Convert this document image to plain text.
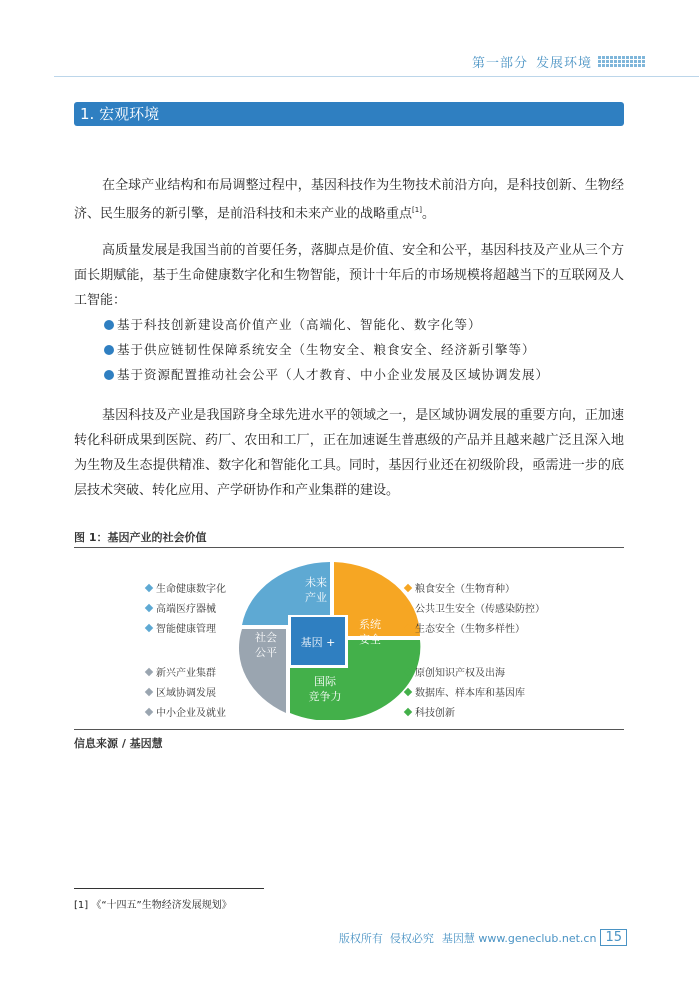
第一部分 发展环境
1. 宏观环境
在全球产业结构和布局调整过程中，基因科技作为生物技术前沿方向，是科技创新、生物经济、民生服务的新引擎，是前沿科技和未来产业的战略重点[1]。
高质量发展是我国当前的首要任务，落脚点是价值、安全和公平，基因科技及产业从三个方面长期赋能，基于生命健康数字化和生物智能，预计十年后的市场规模将超越当下的互联网及人工智能：
基于科技创新建设高价值产业（高端化、智能化、数字化等）
基于供应链韧性保障系统安全（生物安全、粮食安全、经济新引擎等）
基于资源配置推动社会公平（人才教育、中小企业发展及区域协调发展）
基因科技及产业是我国跻身全球先进水平的领域之一，是区域协调发展的重要方向，正加速转化科研成果到医院、药厂、农田和工厂，正在加速诞生普惠级的产品并且越来越广泛且深入地为生物及生态提供精准、数字化和智能化工具。同时，基因行业还在初级阶段，亟需进一步的底层技术突破、转化应用、产学研协作和产业集群的建设。
图 1：基因产业的社会价值
基因 +
未来
产业
系统
安全
国际
竞争力
社会
公平
生命健康数字化
高端医疗器械
智能健康管理
粮食安全（生物育种）
公共卫生安全（传感染防控）
生态安全（生物多样性）
新兴产业集群
区域协调发展
中小企业及就业
原创知识产权及出海
数据库、样本库和基因库
科技创新
信息来源 / 基因慧
[1] 《“十四五”生物经济发展规划》
版权所有  侵权必究 基因慧 www.geneclub.net.cn 15
